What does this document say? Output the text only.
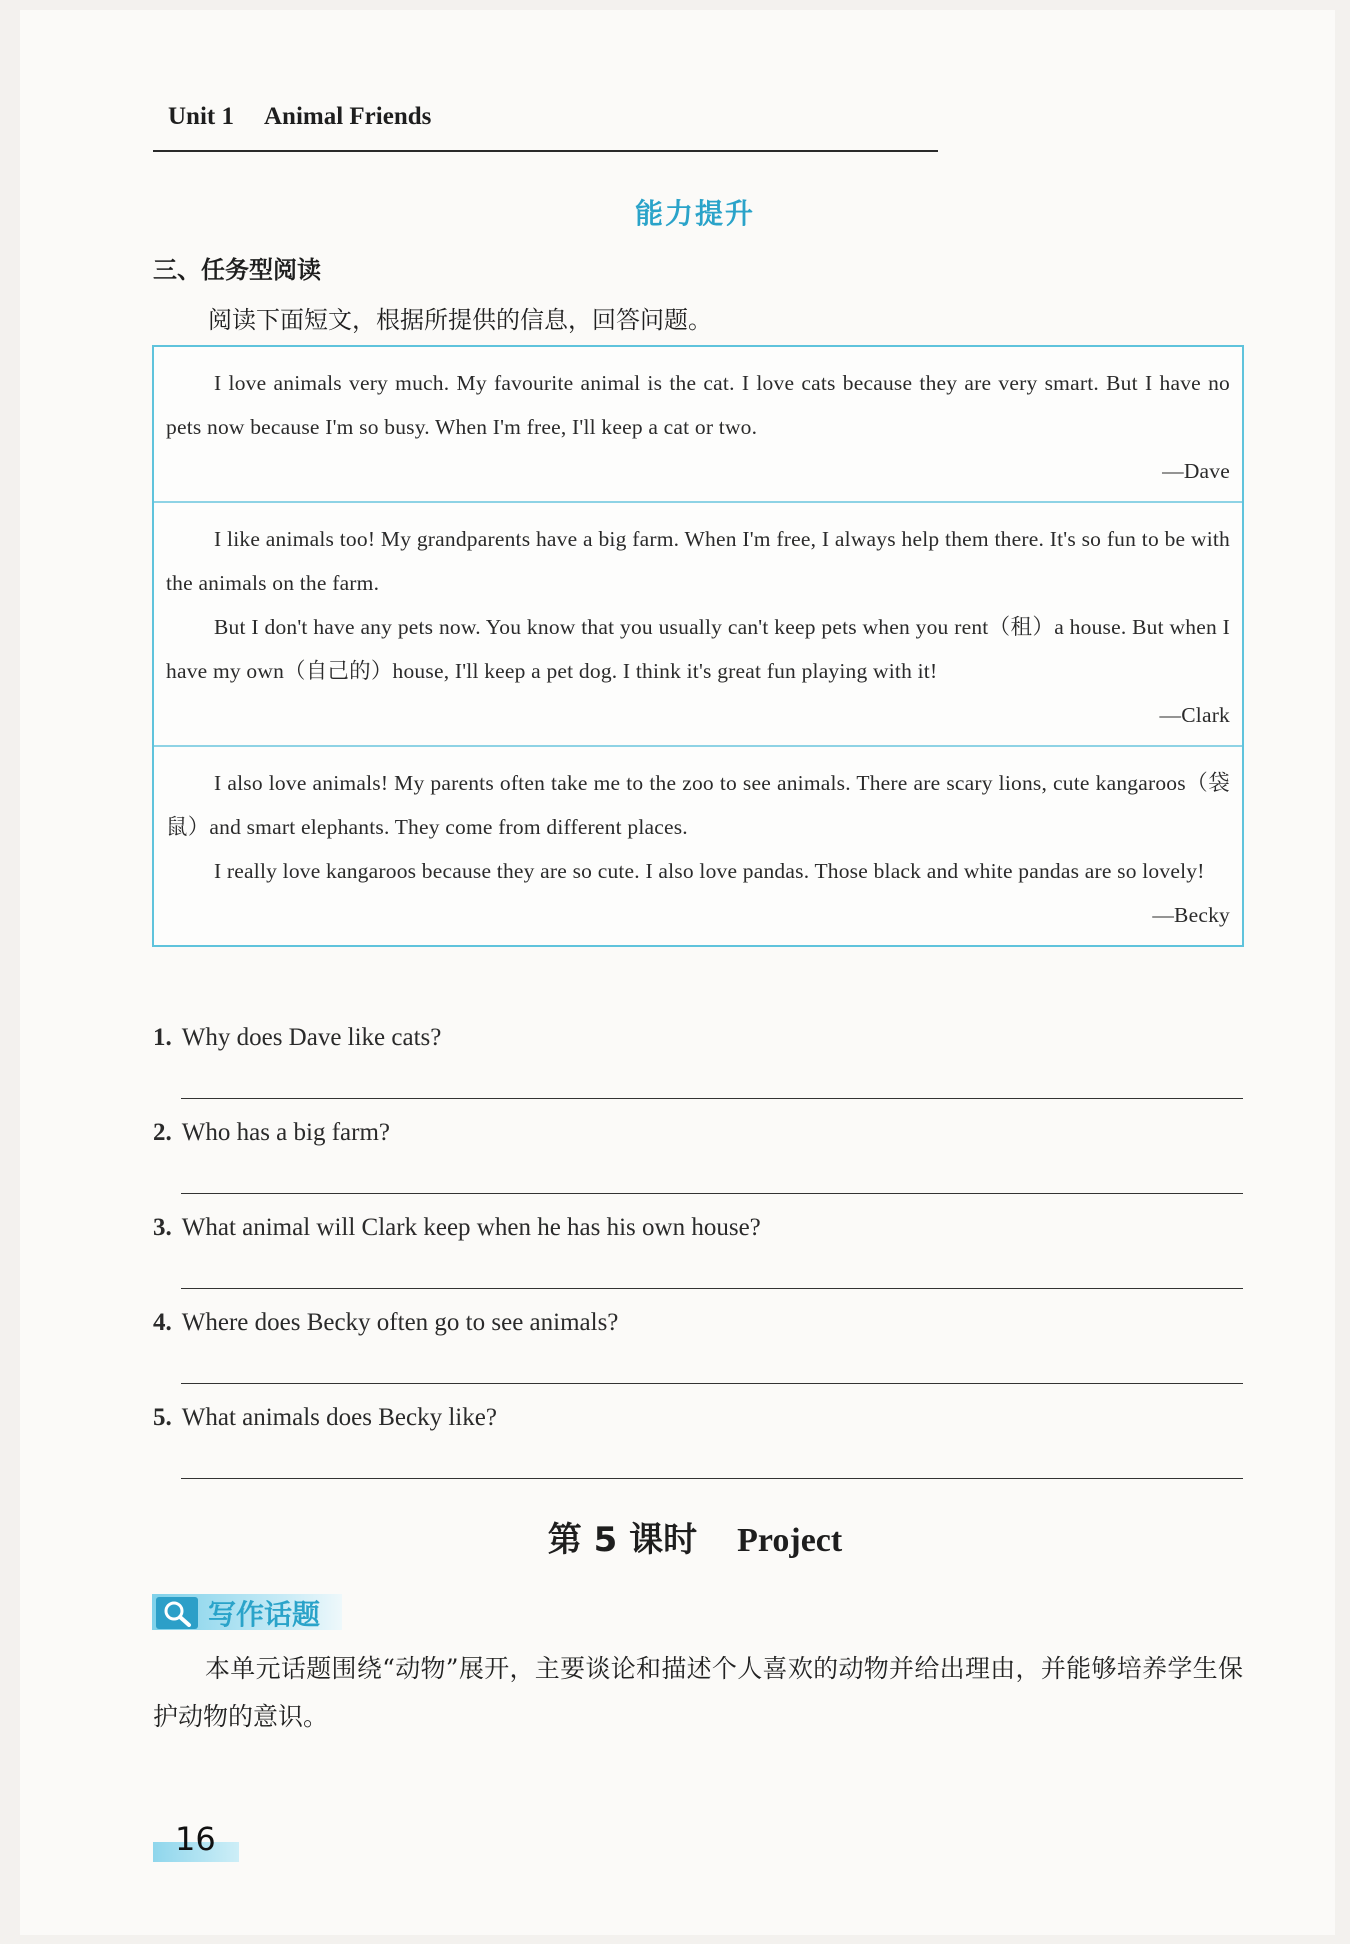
Unit 1 Animal Friends
能力提升
三、任务型阅读
阅读下面短文，根据所提供的信息，回答问题。

I love animals very much. My favourite animal is the cat. I love cats because they are very smart. But I have no pets now because I'm so busy. When I'm free, I'll keep a cat or two.

—Dave

I like animals too! My grandparents have a big farm. When I'm free, I always help them there. It's so fun to be with the animals on the farm.

But I don't have any pets now. You know that you usually can't keep pets when you rent（租）a house. But when I have my own（自己的）house, I'll keep a pet dog. I think it's great fun playing with it!

—Clark

I also love animals! My parents often take me to the zoo to see animals. There are scary lions, cute kangaroos（袋鼠）and smart elephants. They come from different places.

I really love kangaroos because they are so cute. I also love pandas. Those black and white pandas are so lovely!

—Becky

1. Why does Dave like cats?
2. Who has a big farm?
3. What animal will Clark keep when he has his own house?
4. Where does Becky often go to see animals?
5. What animals does Becky like?
第 5 课时 Project
写作话题
本单元话题围绕“动物”展开，主要谈论和描述个人喜欢的动物并给出理由，并能够培养学生保护动物的意识。
16
